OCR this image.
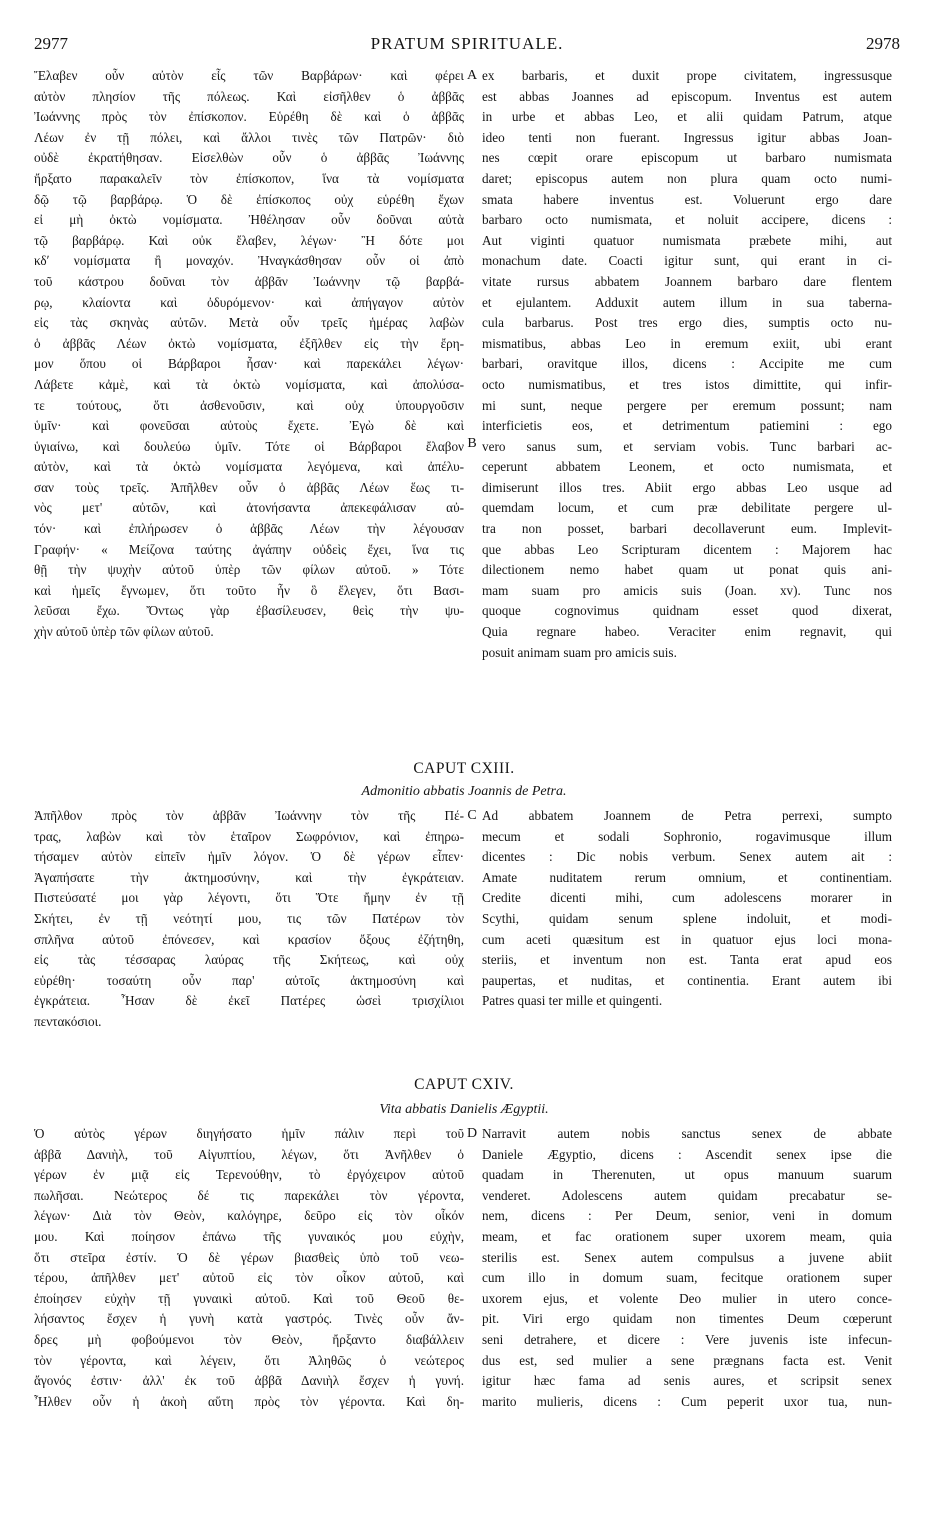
2977	PRATUM SPIRITUALE.	2978
Ἔλαβεν οὖν αὐτὸν εἷς τῶν Βαρβάρων· καὶ φέρει
αὐτὸν πλησίον τῆς πόλεως. Καὶ εἰσῆλθεν ὁ ἀββᾶς
Ἰωάννης πρὸς τὸν ἐπίσκοπον. Εὑρέθη δὲ καὶ ὁ ἀββᾶς
Λέων ἐν τῇ πόλει, καὶ ἄλλοι τινὲς τῶν Πατρῶν· διὸ
οὐδὲ ἐκρατήθησαν. Εἰσελθὼν οὖν ὁ ἀββᾶς Ἰωάννης
ἤρξατο παρακαλεῖν τὸν ἐπίσκοπον, ἵνα τὰ νομίσματα
δῷ τῷ βαρβάρῳ. Ὁ δὲ ἐπίσκοπος οὐχ εὑρέθη ἔχων
εἰ μὴ ὀκτὼ νομίσματα. Ἠθέλησαν οὖν δοῦναι αὐτὰ
τῷ βαρβάρῳ. Καὶ οὐκ ἔλαβεν, λέγων· Ἢ δότε μοι
κδʹ νομίσματα ἢ μοναχόν. Ἠναγκάσθησαν οὖν οἱ ἀπὸ
τοῦ κάστρου δοῦναι τὸν ἀββᾶν Ἰωάννην τῷ βαρβά-
ρῳ, κλαίοντα καὶ ὀδυρόμενον· καὶ ἀπήγαγον αὐτὸν
εἰς τὰς σκηνὰς αὐτῶν. Μετὰ οὖν τρεῖς ἡμέρας λαβὼν
ὁ ἀββᾶς Λέων ὀκτὼ νομίσματα, ἐξῆλθεν εἰς τὴν ἔρη-
μον ὅπου οἱ Βάρβαροι ἦσαν· καὶ παρεκάλει λέγων·
Λάβετε κἀμὲ, καὶ τὰ ὀκτὼ νομίσματα, καὶ ἀπολύσα-
τε τούτους, ὅτι ἀσθενοῦσιν, καὶ οὐχ ὑπουργοῦσιν
ὑμῖν· καὶ φονεῦσαι αὐτοὺς ἔχετε. Ἐγὼ δὲ καὶ
ὑγιαίνω, καὶ δουλεύω ὑμῖν. Τότε οἱ Βάρβαροι ἔλαβον
αὐτὸν, καὶ τὰ ὀκτὼ νομίσματα λεγόμενα, καὶ ἀπέλυ-
σαν τοὺς τρεῖς. Ἀπῆλθεν οὖν ὁ ἀββᾶς Λέων ἕως τι-
νὸς μετ' αὐτῶν, καὶ ἀτονήσαντα ἀπεκεφάλισαν αὐ-
τόν· καὶ ἐπλήρωσεν ὁ ἀββᾶς Λέων τὴν λέγουσαν
Γραφήν· « Μείζονα ταύτης ἀγάπην οὐδεὶς ἔχει, ἵνα τις
θῇ τὴν ψυχὴν αὐτοῦ ὑπὲρ τῶν φίλων αὐτοῦ. » Τότε
καὶ ἡμεῖς ἔγνωμεν, ὅτι τοῦτο ἦν ὃ ἔλεγεν, ὅτι Βασι-
λεῦσαι ἔχω. Ὄντως γὰρ ἐβασίλευσεν, θεὶς τὴν ψυ-
χὴν αὐτοῦ ὑπὲρ τῶν φίλων αὐτοῦ.
ex barbaris, et duxit prope civitatem, ingressusque
est abbas Joannes ad episcopum. Inventus est autem
in urbe et abbas Leo, et alii quidam Patrum, atque
ideo tenti non fuerant. Ingressus igitur abbas Joan-
nes cœpit orare episcopum ut barbaro numismata
daret; episcopus autem non plura quam octo numi-
smata habere inventus est. Voluerunt ergo dare
barbaro octo numismata, et noluit accipere, dicens :
Aut viginti quatuor numismata præbete mihi, aut
monachum date. Coacti igitur sunt, qui erant in ci-
vitate rursus abbatem Joannem barbaro dare flentem
et ejulantem. Adduxit autem illum in sua taberna-
cula barbarus. Post tres ergo dies, sumptis octo nu-
mismatibus, abbas Leo in eremum exiit, ubi erant
barbari, oravitque illos, dicens : Accipite me cum
octo numismatibus, et tres istos dimittite, qui infir-
mi sunt, neque pergere per eremum possunt; nam
interficietis eos, et detrimentum patiemini : ego
vero sanus sum, et serviam vobis. Tunc barbari ac-
ceperunt abbatem Leonem, et octo numismata, et
dimiserunt illos tres. Abiit ergo abbas Leo usque ad
quemdam locum, et cum præ debilitate pergere ul-
tra non posset, barbari decollaverunt eum. Implevit-
que abbas Leo Scripturam dicentem : Majorem hac
dilectionem nemo habet quam ut ponat quis ani-
mam suam pro amicis suis (Joan. xv). Tunc nos
quoque cognovimus quidnam esset quod dixerat,
Quia regnare habeo. Veraciter enim regnavit, qui
posuit animam suam pro amicis suis.
A
B
CAPUT CXIII.
Admonitio abbatis Joannis de Petra.
Ἀπῆλθον πρὸς τὸν ἀββᾶν Ἰωάννην τὸν τῆς Πέ-
τρας, λαβὼν καὶ τὸν ἑταῖρον Σωφρόνιον, καὶ ἐπηρω-
τήσαμεν αὐτὸν εἰπεῖν ἡμῖν λόγον. Ὁ δὲ γέρων εἶπεν·
Ἀγαπήσατε τὴν ἀκτημοσύνην, καὶ τὴν ἐγκράτειαν.
Πιστεύσατέ μοι γὰρ λέγοντι, ὅτι Ὅτε ἤμην ἐν τῇ
Σκήτει, ἐν τῇ νεότητί μου, τις τῶν Πατέρων τὸν
σπλῆνα αὐτοῦ ἐπόνεσεν, καὶ κρασίον ὄξους ἐζήτηθη,
εἰς τὰς τέσσαρας λαύρας τῆς Σκήτεως, καὶ οὐχ
εὑρέθη· τοσαύτη οὖν παρ' αὐτοῖς ἀκτημοσύνη καὶ
ἐγκράτεια. Ἦσαν δὲ ἐκεῖ Πατέρες ὡσεὶ τρισχίλιοι
πεντακόσιοι.
Ad abbatem Joannem de Petra perrexi, sumpto
mecum et sodali Sophronio, rogavimusque illum
dicentes : Dic nobis verbum. Senex autem ait :
Amate nuditatem rerum omnium, et continentiam.
Credite dicenti mihi, cum adolescens morarer in
Scythi, quidam senum splene indoluit, et modi-
cum aceti quæsitum est in quatuor ejus loci mona-
steriis, et inventum non est. Tanta erat apud eos
paupertas, et nuditas, et continentia. Erant autem ibi
Patres quasi ter mille et quingenti.
C
CAPUT CXIV.
Vita abbatis Danielis Ægyptii.
Ὁ αὐτὸς γέρων διηγήσατο ἡμῖν πάλιν περὶ τοῦ
ἀββᾶ Δανιὴλ, τοῦ Αἰγυπτίου, λέγων, ὅτι Ἀνῆλθεν ὁ
γέρων ἐν μιᾷ εἰς Τερενούθην, τὸ ἐργόχειρον αὐτοῦ
πωλῆσαι. Νεώτερος δέ τις παρεκάλει τὸν γέροντα,
λέγων· Διὰ τὸν Θεὸν, καλόγηρε, δεῦρο εἰς τὸν οἶκόν
μου. Καὶ ποίησον ἐπάνω τῆς γυναικός μου εὐχὴν,
ὅτι στεῖρα ἐστίν. Ὁ δὲ γέρων βιασθεὶς ὑπὸ τοῦ νεω-
τέρου, ἀπῆλθεν μετ' αὐτοῦ εἰς τὸν οἶκον αὐτοῦ, καὶ
ἐποίησεν εὐχὴν τῇ γυναικὶ αὐτοῦ. Καὶ τοῦ Θεοῦ θε-
λήσαντος ἔσχεν ἡ γυνὴ κατὰ γαστρός. Τινὲς οὖν ἄν-
δρες μὴ φοβούμενοι τὸν Θεὸν, ἤρξαντο διαβάλλειν
τὸν γέροντα, καὶ λέγειν, ὅτι Ἀληθῶς ὁ νεώτερος
ἄγονός ἐστιν· ἀλλ' ἐκ τοῦ ἀββᾶ Δανιὴλ ἔσχεν ἡ γυνή.
Ἦλθεν οὖν ἡ ἀκοὴ αὕτη πρὸς τὸν γέροντα. Καὶ δη-
Narravit autem nobis sanctus senex de abbate
Daniele Ægyptio, dicens : Ascendit senex ipse die
quadam in Therenuten, ut opus manuum suarum
venderet. Adolescens autem quidam precabatur se-
nem, dicens : Per Deum, senior, veni in domum
meam, et fac orationem super uxorem meam, quia
sterilis est. Senex autem compulsus a juvene abiit
cum illo in domum suam, fecitque orationem super
uxorem ejus, et volente Deo mulier in utero conce-
pit. Viri ergo quidam non timentes Deum cœperunt
seni detrahere, et dicere : Vere juvenis iste infecun-
dus est, sed mulier a sene prægnans facta est. Venit
igitur hæc fama ad senis aures, et scripsit senex
marito mulieris, dicens : Cum peperit uxor tua, nun-
D
